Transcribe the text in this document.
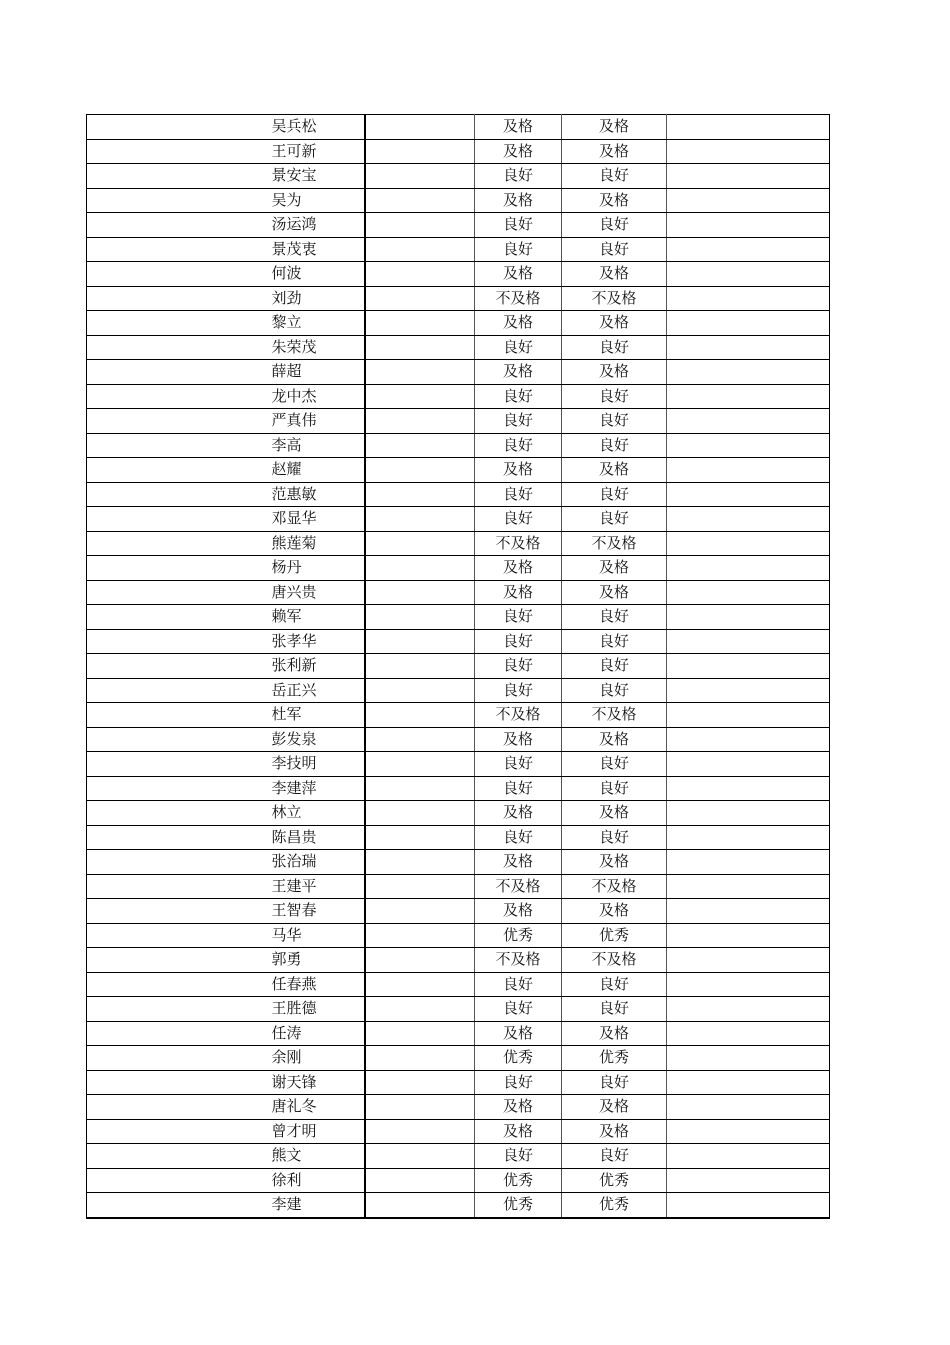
	吴兵松		及格	及格	
	王可新		及格	及格	
	景安宝		良好	良好	
	吴为		及格	及格	
	汤运鸿		良好	良好	
	景茂衷		良好	良好	
	何波		及格	及格	
	刘劲		不及格	不及格	
	黎立		及格	及格	
	朱荣茂		良好	良好	
	薛超		及格	及格	
	龙中杰		良好	良好	
	严真伟		良好	良好	
	李高		良好	良好	
	赵耀		及格	及格	
	范惠敏		良好	良好	
	邓显华		良好	良好	
	熊莲菊		不及格	不及格	
	杨丹		及格	及格	
	唐兴贵		及格	及格	
	赖军		良好	良好	
	张孝华		良好	良好	
	张利新		良好	良好	
	岳正兴		良好	良好	
	杜军		不及格	不及格	
	彭发泉		及格	及格	
	李技明		良好	良好	
	李建萍		良好	良好	
	林立		及格	及格	
	陈昌贵		良好	良好	
	张治瑞		及格	及格	
	王建平		不及格	不及格	
	王智春		及格	及格	
	马华		优秀	优秀	
	郭勇		不及格	不及格	
	任春燕		良好	良好	
	王胜德		良好	良好	
	任涛		及格	及格	
	余刚		优秀	优秀	
	谢天锋		良好	良好	
	唐礼冬		及格	及格	
	曾才明		及格	及格	
	熊文		良好	良好	
	徐利		优秀	优秀	
	李建		优秀	优秀	
